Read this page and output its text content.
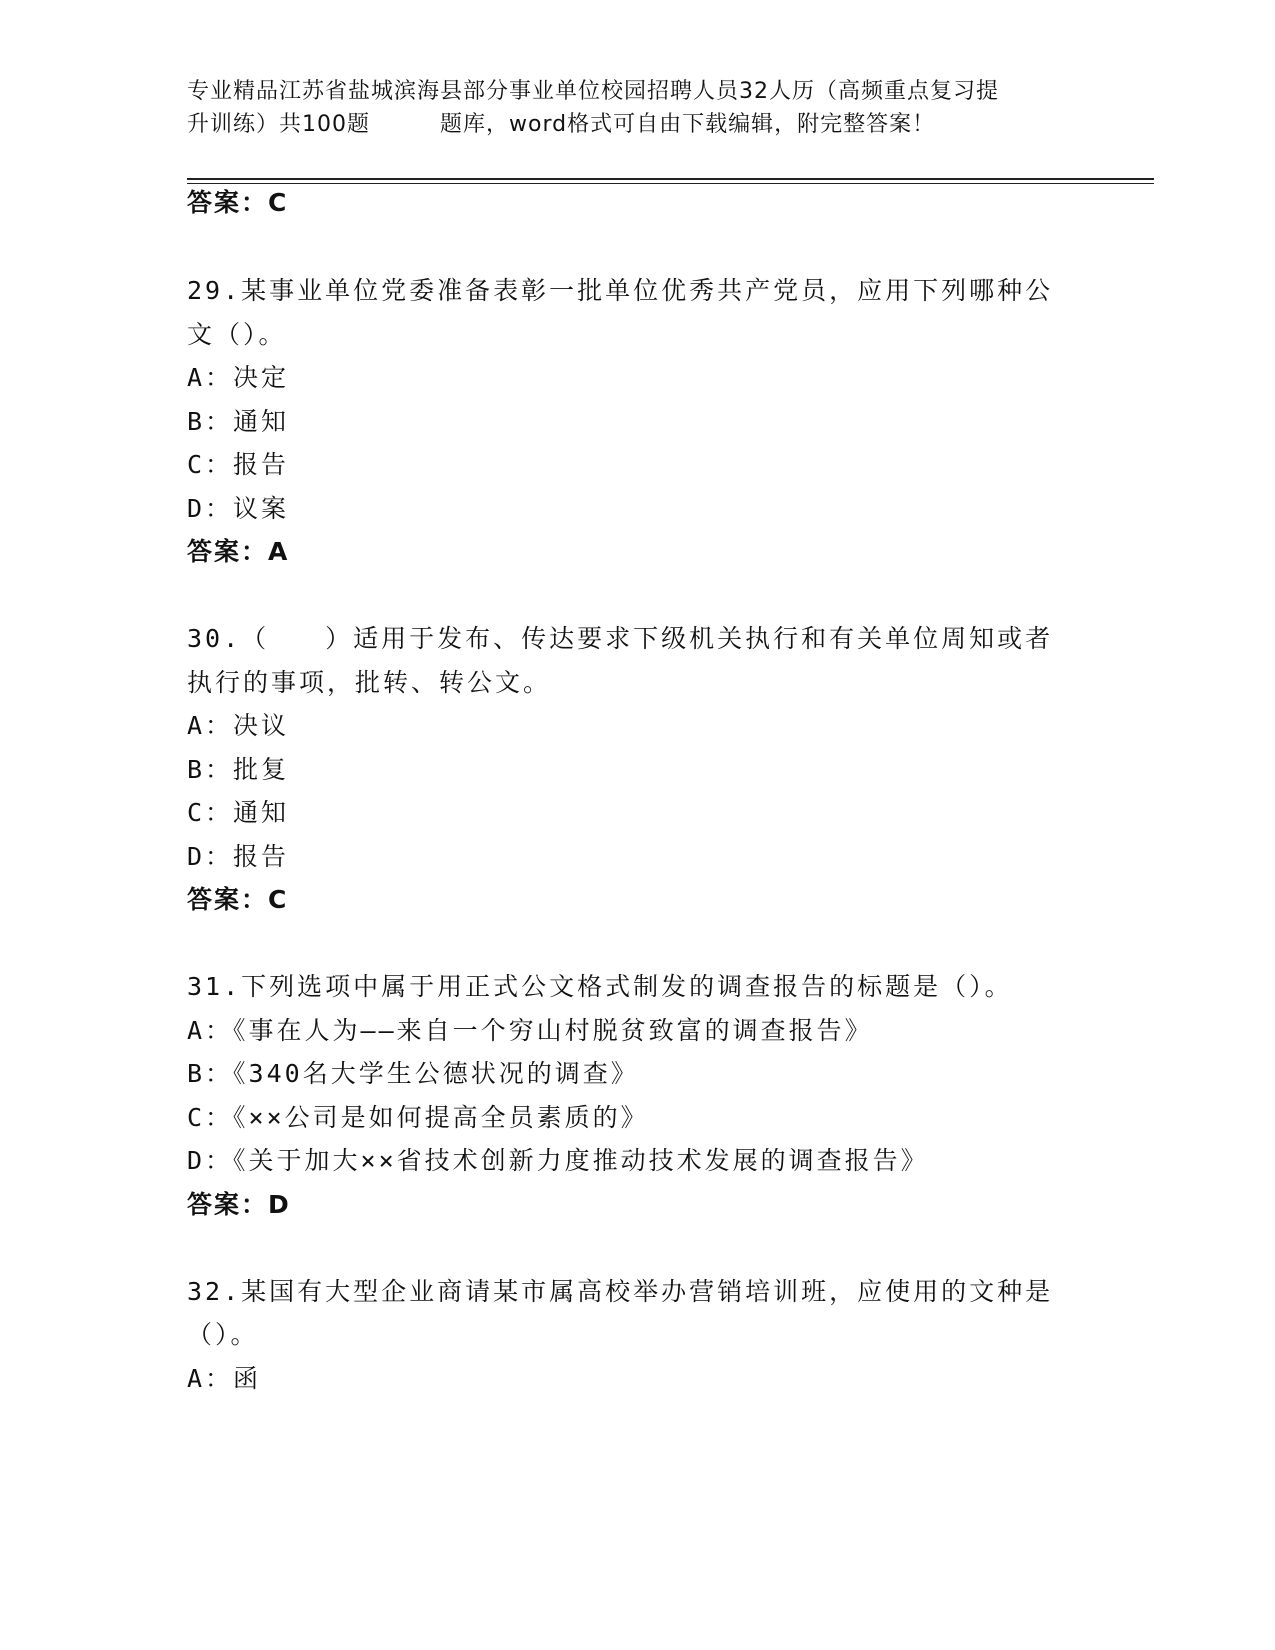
专业精品江苏省盐城滨海县部分事业单位校园招聘人员32人历（高频重点复习提
升训练）共100题	题库，word格式可自由下载编辑，附完整答案！
答案：C
29.某事业单位党委准备表彰一批单位优秀共产党员，应用下列哪种公
文（）。
A：决定
B：通知
C：报告
D：议案
答案：A
30.（　　）适用于发布、传达要求下级机关执行和有关单位周知或者
执行的事项，批转、转公文。
A：决议
B：批复
C：通知
D：报告
答案：C
31.下列选项中属于用正式公文格式制发的调查报告的标题是（）。
A：《事在人为——来自一个穷山村脱贫致富的调查报告》
B：《340名大学生公德状况的调查》
C：《××公司是如何提高全员素质的》
D：《关于加大××省技术创新力度推动技术发展的调查报告》
答案：D
32.某国有大型企业商请某市属高校举办营销培训班，应使用的文种是
（）。
A：函
